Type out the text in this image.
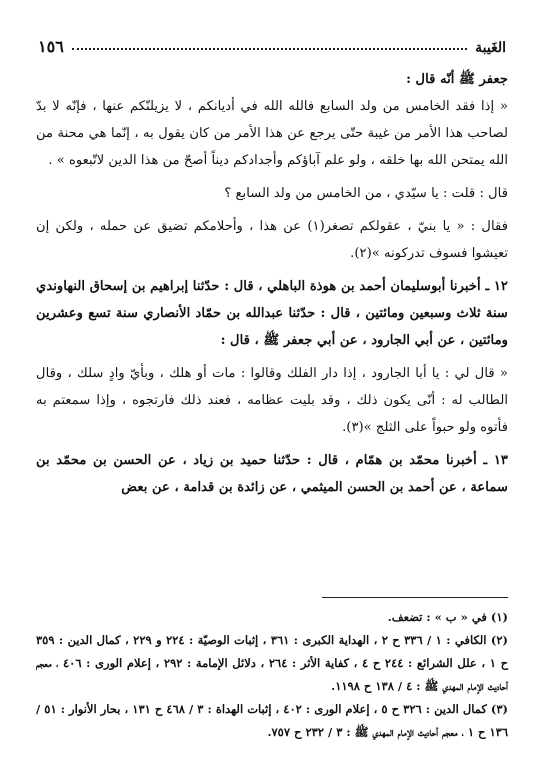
الغَيبة
١٥٦

جعفر ﷺ أنّه قال :

« إذا فقد الخامس من ولد السابع فالله الله في أديانكم ، لا يزيلنّكم عنها ، فإنّه لا بدّ لصاحب هذا الأمر من غيبة حتّى يرجع عن هذا الأمر من كان يقول به ، إنّما هي محنة من الله يمتحن الله بها خلقه ، ولو علم آباؤكم وأجدادكم ديناً أصحّ من هذا الدين لاتّبعوه » .

قال : قلت : يا سيّدي ، من الخامس من ولد السابع ؟

فقال : « يا بنيّ ، عقولكم تصغر(١) عن هذا ، وأحلامكم تضيق عن حمله ، ولكن إن تعيشوا فسوف تدركونه »(٢).

١٢ ـ أخبرنا أبوسليمان أحمد بن هوذة الباهلي ، قال : حدّثنا إبراهيم بن إسحاق النهاوندي سنة ثلاث وسبعين ومائتين ، قال : حدّثنا عبدالله بن حمّاد الأنصاري سنة تسع وعشرين ومائتين ، عن أبي الجارود ، عن أبي جعفر ﷺ ، قال :

« قال لي : يا أبا الجارود ، إذا دار الفلك وقالوا : مات أو هلك ، وبأيّ وادٍ سلك ، وقال الطالب له : أنّى يكون ذلك ، وقد بليت عظامه ، فعند ذلك فارتجوه ، وإذا سمعتم به فأتوه ولو حبواً على الثلج »(٣).

١٣ ـ أخبرنا محمّد بن همّام ، قال : حدّثنا حميد بن زياد ، عن الحسن بن محمّد بن سماعة ، عن أحمد بن الحسن الميثمي ، عن زائدة بن قدامة ، عن بعض

(١) في « ب » : تضعف.

(٢) الكافي : ١ / ٣٣٦ ح ٢ ، الهداية الكبرى : ٣٦١ ، إثبات الوصيّة : ٢٢٤ و ٢٢٩ ، كمال الدين : ٣٥٩ ح ١ ، علل الشرائع : ٢٤٤ ح ٤ ، كفاية الأثر : ٢٦٤ ، دلائل الإمامة : ٢٩٢ ، إعلام الورى : ٤٠٦ ، معجم أحاديث الإمام المهدي ﷺ : ٤ / ١٣٨ ح ١١٩٨.

(٣) كمال الدين : ٣٢٦ ح ٥ ، إعلام الورى : ٤٠٢ ، إثبات الهداة : ٣ / ٤٦٨ ح ١٣١ ، بحار الأنوار : ٥١ / ١٣٦ ح ١ ، معجم أحاديث الإمام المهدي ﷺ : ٣ / ٢٣٢ ح ٧٥٧.
